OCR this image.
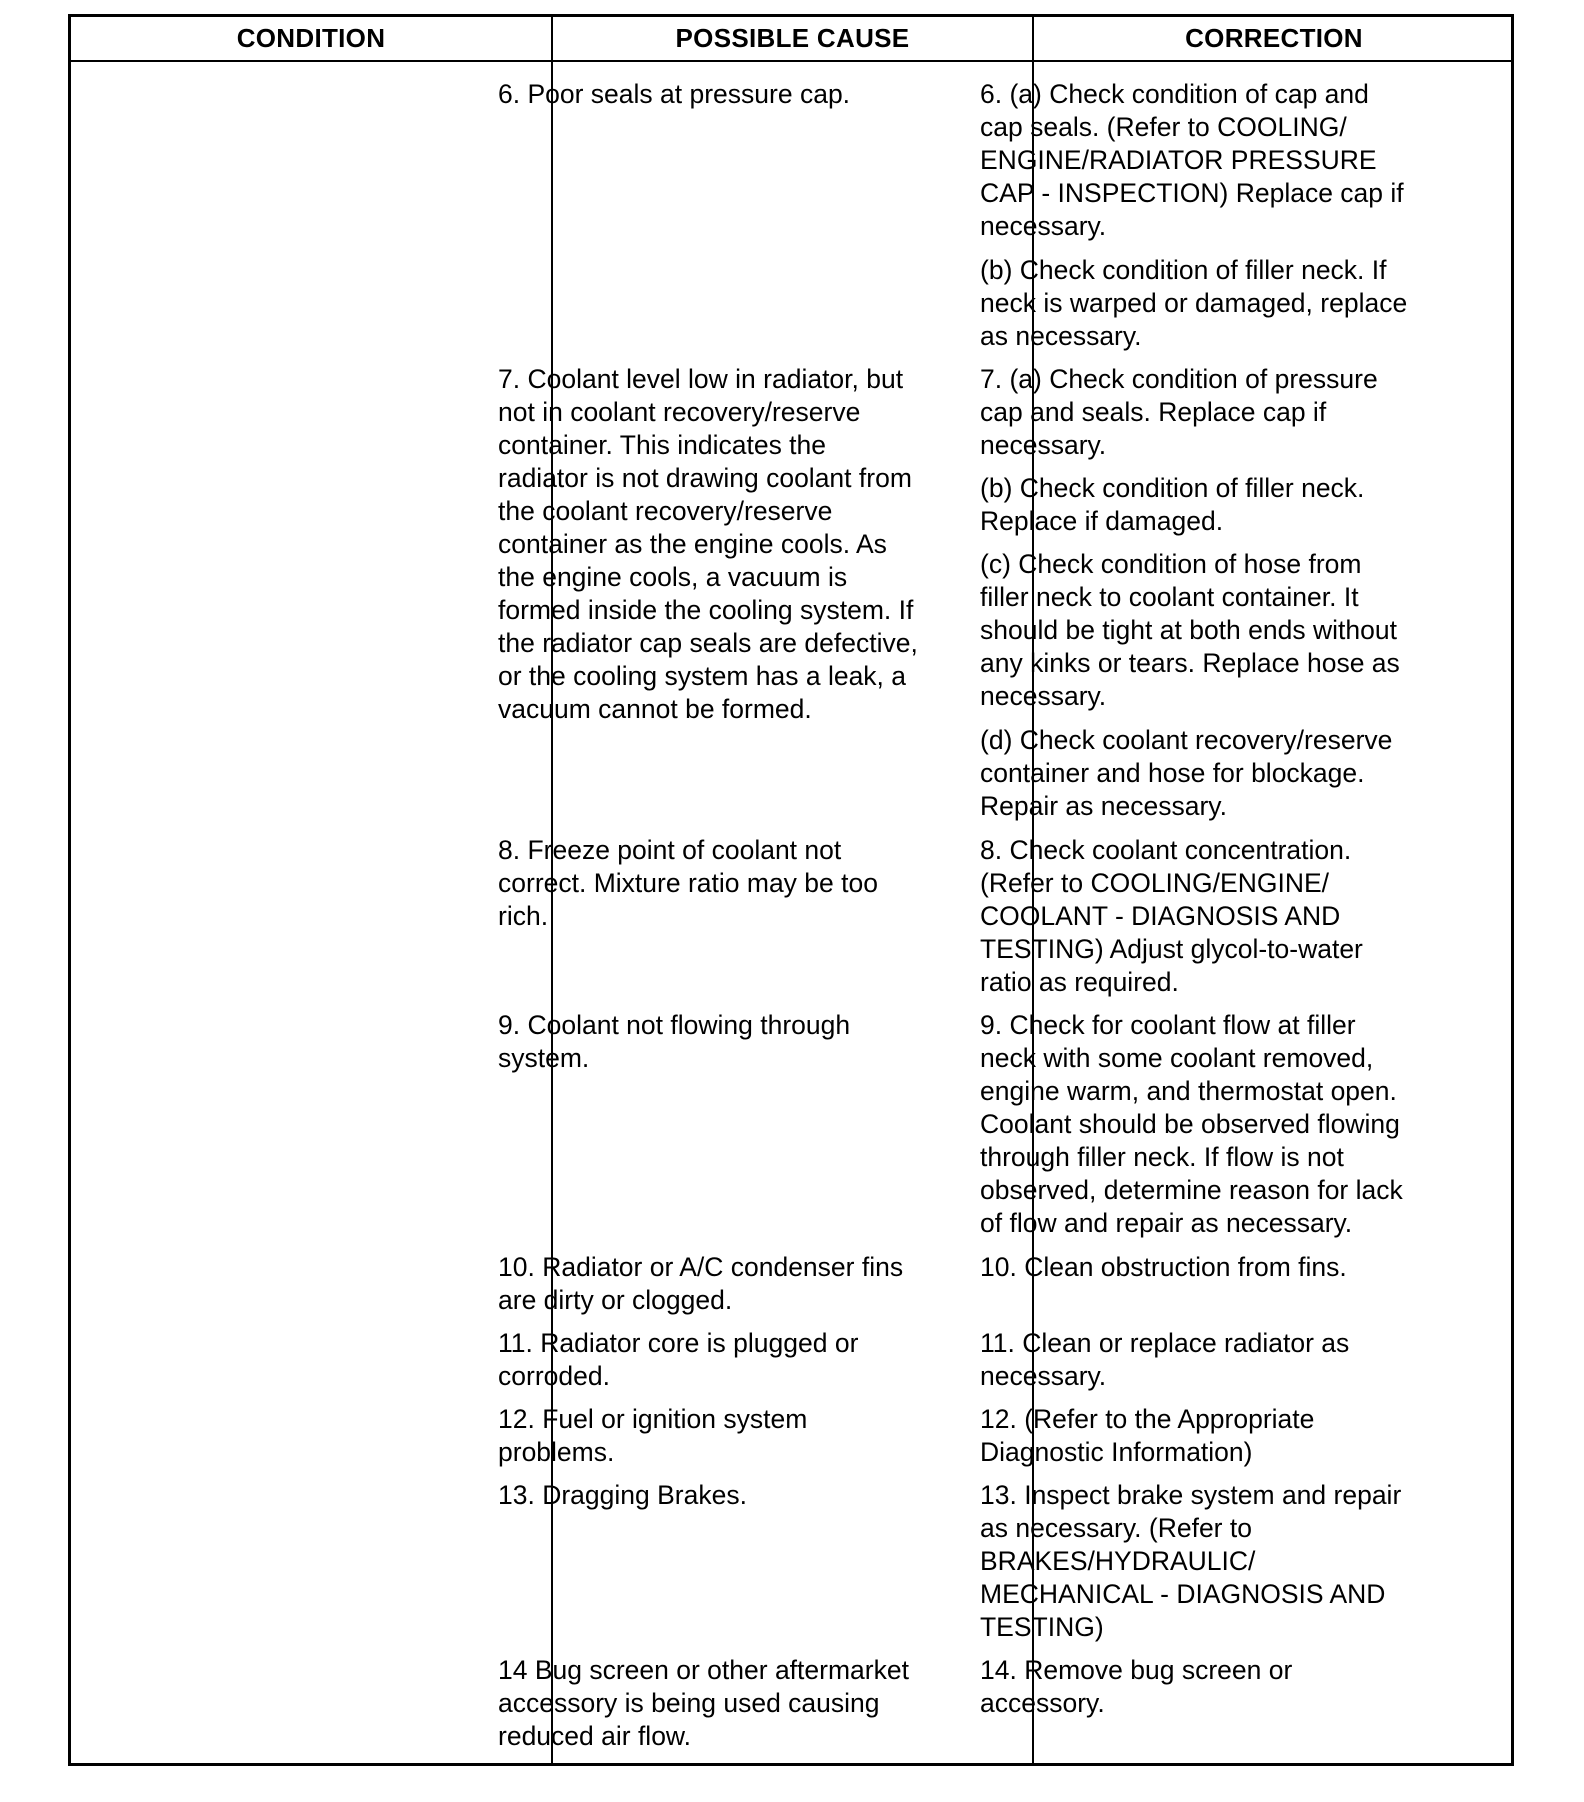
CONDITION	POSSIBLE CAUSE	CORRECTION
6. Poor seals at pressure cap.
7. Coolant level low in radiator, but
not in coolant recovery/reserve
container. This indicates the
radiator is not drawing coolant from
the coolant recovery/reserve
container as the engine cools. As
the engine cools, a vacuum is
formed inside the cooling system. If
the radiator cap seals are defective,
or the cooling system has a leak, a
vacuum cannot be formed.
8. Freeze point of coolant not
correct. Mixture ratio may be too
rich.
9. Coolant not flowing through
system.
10. Radiator or A/C condenser fins
are dirty or clogged.
11. Radiator core is plugged or
corroded.
12. Fuel or ignition system
problems.
13. Dragging Brakes.
14 Bug screen or other aftermarket
accessory is being used causing
reduced air flow.
6. (a) Check condition of cap and
cap seals. (Refer to COOLING/
ENGINE/RADIATOR PRESSURE
CAP - INSPECTION) Replace cap if
necessary.
(b) Check condition of filler neck. If
neck is warped or damaged, replace
as necessary.
7. (a) Check condition of pressure
cap and seals. Replace cap if
necessary.
(b) Check condition of filler neck.
Replace if damaged.
(c) Check condition of hose from
filler neck to coolant container. It
should be tight at both ends without
any kinks or tears. Replace hose as
necessary.
(d) Check coolant recovery/reserve
container and hose for blockage.
Repair as necessary.
8. Check coolant concentration.
(Refer to COOLING/ENGINE/
COOLANT - DIAGNOSIS AND
TESTING) Adjust glycol-to-water
ratio as required.
9. Check for coolant flow at filler
neck with some coolant removed,
engine warm, and thermostat open.
Coolant should be observed flowing
through filler neck. If flow is not
observed, determine reason for lack
of flow and repair as necessary.
10. Clean obstruction from fins.
11. Clean or replace radiator as
necessary.
12. (Refer to the Appropriate
Diagnostic Information)
13. Inspect brake system and repair
as necessary. (Refer to
BRAKES/HYDRAULIC/
MECHANICAL - DIAGNOSIS AND
TESTING)
14. Remove bug screen or
accessory.
